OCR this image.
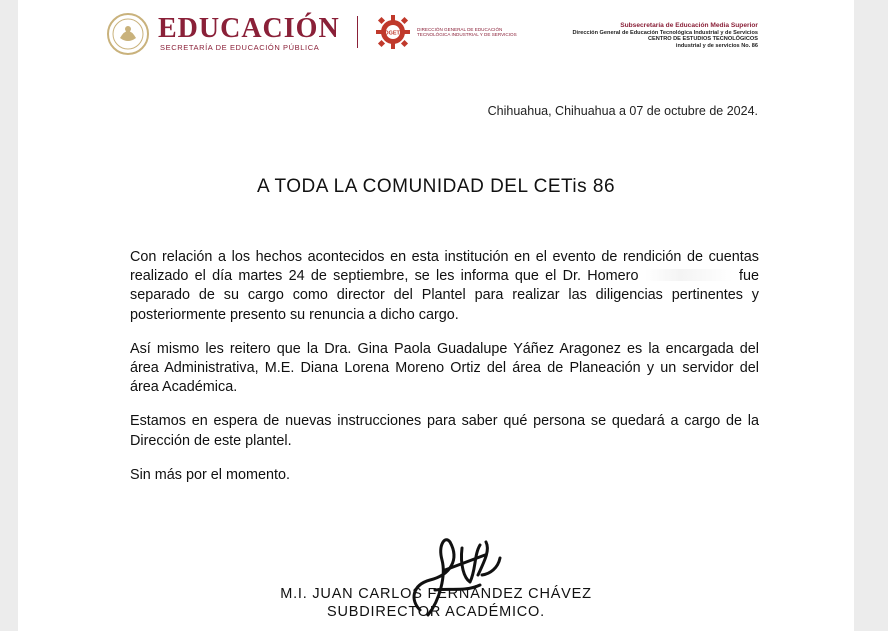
EDUCACIÓN
SECRETARÍA DE EDUCACIÓN PÚBLICA
DGETI
DIRECCIÓN GENERAL DE EDUCACIÓN TECNOLÓGICA INDUSTRIAL Y DE SERVICIOS
Subsecretaría de Educación Media Superior
Dirección General de Educación Tecnológica Industrial y de Servicios
CENTRO DE ESTUDIOS TECNOLÓGICOS
industrial y de servicios No. 86
Chihuahua, Chihuahua a 07 de octubre de 2024.
A TODA LA COMUNIDAD DEL CETis 86

Con relación a los hechos acontecidos en esta institución en el evento de rendición de cuentas realizado el día martes 24 de septiembre, se les informa que el Dr. Homero	fue separado de su cargo como director del Plantel para realizar las diligencias pertinentes y posteriormente presento su renuncia a dicho cargo.

Así mismo les reitero que la Dra. Gina Paola Guadalupe Yáñez Aragonez es la encargada del área Administrativa, M.E. Diana Lorena Moreno Ortiz del área de Planeación y un servidor del área Académica.

Estamos en espera de nuevas instrucciones para saber qué persona se quedará a cargo de la Dirección de este plantel.

Sin más por el momento.

M.I. JUAN CARLOS FERNÁNDEZ CHÁVEZ
SUBDIRECTOR ACADÉMICO.
